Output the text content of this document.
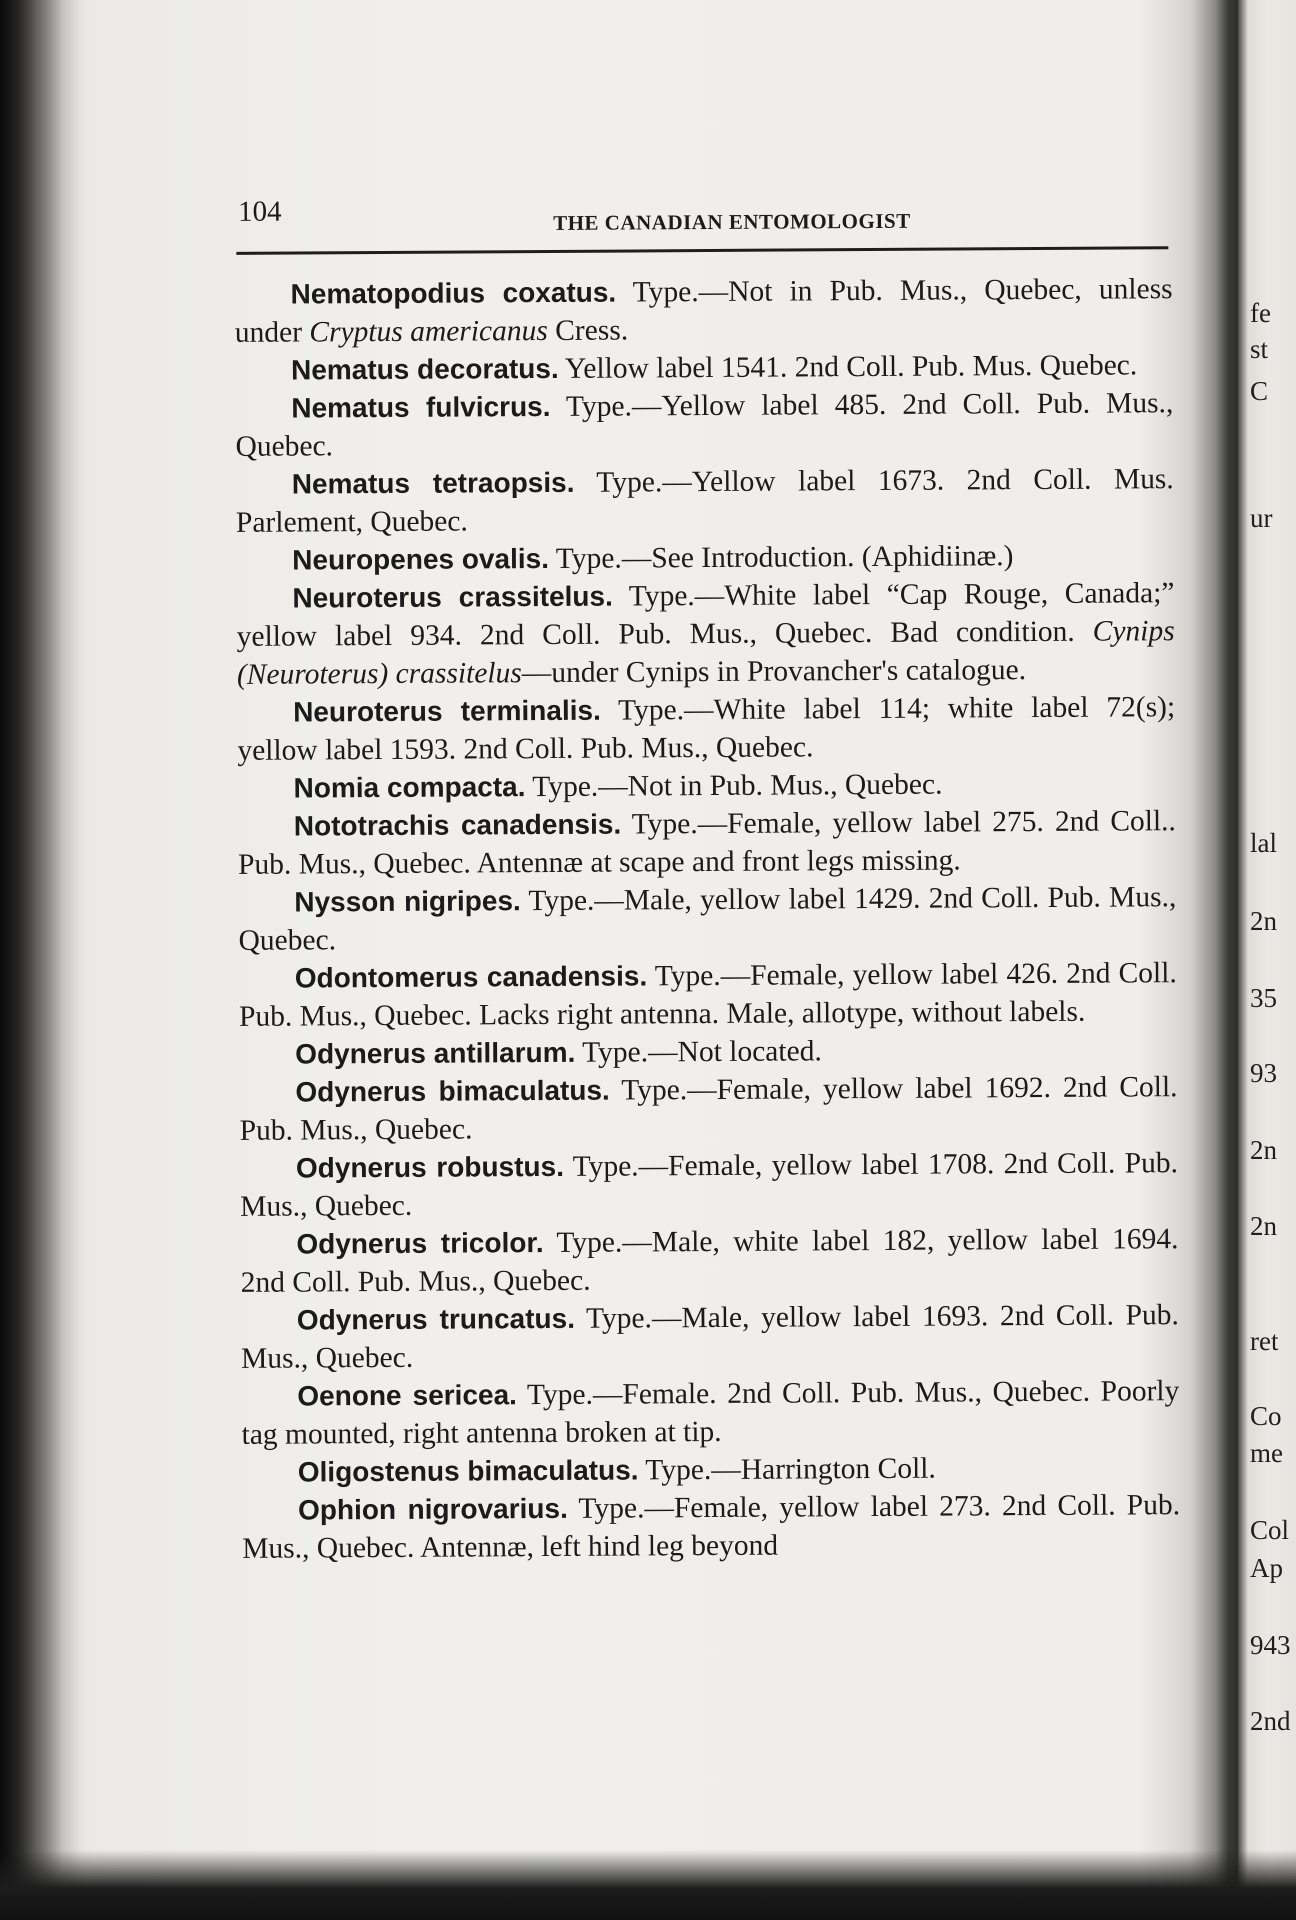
104	THE CANADIAN ENTOMOLOGIST

Nematopodius coxatus. Type.—Not in Pub. Mus., Quebec, unless under Cryptus americanus Cress.

Nematus decoratus. Yellow label 1541. 2nd Coll. Pub. Mus. Quebec.

Nematus fulvicrus. Type.—Yellow label 485. 2nd Coll. Pub. Mus., Quebec.

Nematus tetraopsis. Type.—Yellow label 1673. 2nd Coll. Mus. Parlement, Quebec.

Neuropenes ovalis. Type.—See Introduction. (Aphidiinæ.)

Neuroterus crassitelus. Type.—White label “Cap Rouge, Canada;” yellow label 934. 2nd Coll. Pub. Mus., Quebec. Bad condition. Cynips (Neuroterus) crassitelus—under Cynips in Provancher's catalogue.

Neuroterus terminalis. Type.—White label 114; white label 72(s); yellow label 1593. 2nd Coll. Pub. Mus., Quebec.

Nomia compacta. Type.—Not in Pub. Mus., Quebec.

Nototrachis canadensis. Type.—Female, yellow label 275. 2nd Coll.. Pub. Mus., Quebec. Antennæ at scape and front legs missing.

Nysson nigripes. Type.—Male, yellow label 1429. 2nd Coll. Pub. Mus., Quebec.

Odontomerus canadensis. Type.—Female, yellow label 426. 2nd Coll. Pub. Mus., Quebec. Lacks right antenna. Male, allotype, without labels.

Odynerus antillarum. Type.—Not located.

Odynerus bimaculatus. Type.—Female, yellow label 1692. 2nd Coll. Pub. Mus., Quebec.

Odynerus robustus. Type.—Female, yellow label 1708. 2nd Coll. Pub. Mus., Quebec.

Odynerus tricolor. Type.—Male, white label 182, yellow label 1694. 2nd Coll. Pub. Mus., Quebec.

Odynerus truncatus. Type.—Male, yellow label 1693. 2nd Coll. Pub. Mus., Quebec.

Oenone sericea. Type.—Female. 2nd Coll. Pub. Mus., Quebec. Poorly tag mounted, right antenna broken at tip.

Oligostenus bimaculatus. Type.—Harrington Coll.

Ophion nigrovarius. Type.—Female, yellow label 273. 2nd Coll. Pub. Mus., Quebec. Antennæ, left hind leg beyond

fe
st
C
ur
lal
2n
35
93
2n
2n
ret
Co
me
Col
Ap
943
2nd
